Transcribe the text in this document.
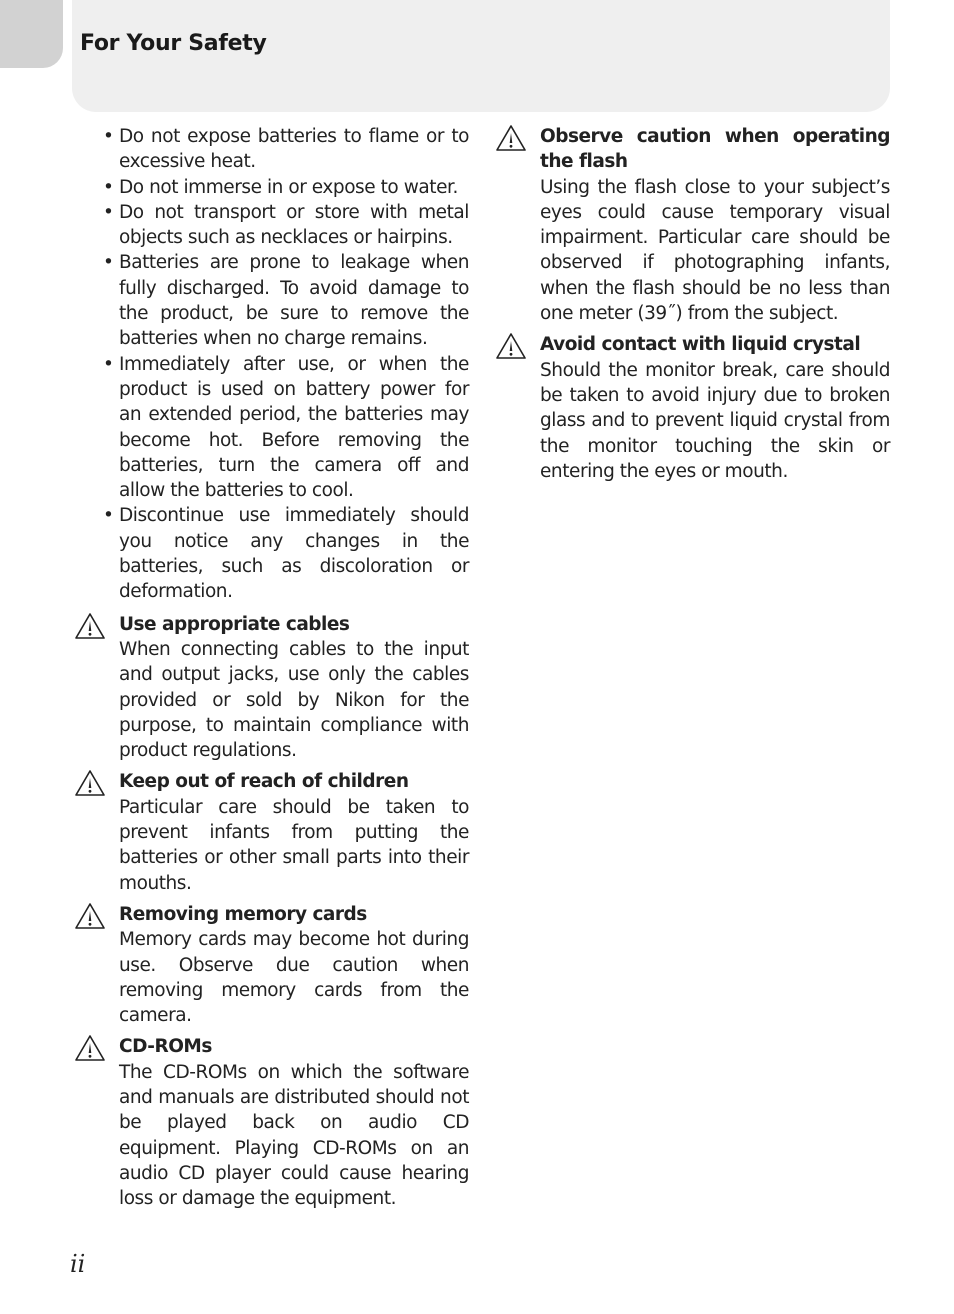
For Your Safety
• Do not expose batteries to flame or to excessive heat.
• Do not immerse in or expose to water.
• Do not transport or store with metal objects such as necklaces or hairpins.
• Batteries are prone to leakage when fully discharged. To avoid damage to the product, be sure to remove the batteries when no charge remains.
• Immediately after use, or when the product is used on battery power for an extended period, the batteries may become hot. Before removing the batteries, turn the camera off and allow the batteries to cool.
• Discontinue use immediately should you notice any changes in the batteries, such as discoloration or deformation.

Use appropriate cables

When connecting cables to the input and output jacks, use only the cables provided or sold by Nikon for the purpose, to maintain compliance with product regulations.

Keep out of reach of children

Particular care should be taken to prevent infants from putting the batteries or other small parts into their mouths.

Removing memory cards

Memory cards may become hot during use. Observe due caution when removing memory cards from the camera.

CD-ROMs

The CD-ROMs on which the software and manuals are distributed should not be played back on audio CD equipment. Playing CD-ROMs on an audio CD player could cause hearing loss or damage the equipment.

Observe caution when operating the flash

Using the flash close to your subject’s eyes could cause temporary visual impairment. Particular care should be observed if photographing infants, when the flash should be no less than one meter (39˝) from the subject.

Avoid contact with liquid crystal

Should the monitor break, care should be taken to avoid injury due to broken glass and to prevent liquid crystal from the monitor touching the skin or entering the eyes or mouth.

ii
